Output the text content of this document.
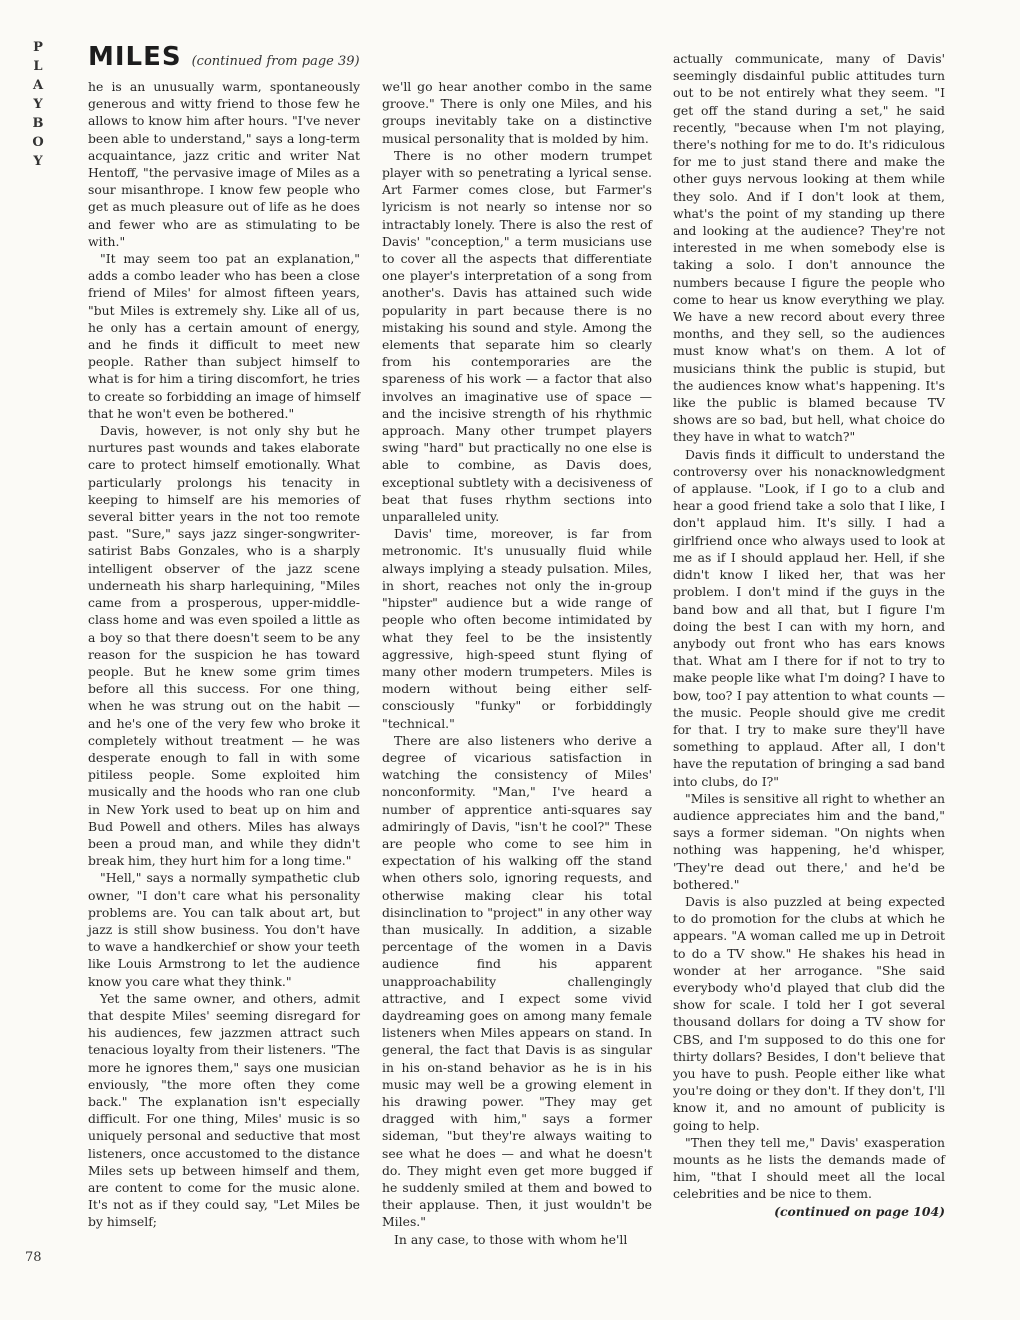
P
L
A
Y
B
O
Y
MILES (continued from page 39)

he is an unusually warm, spontaneously generous and witty friend to those few he allows to know him after hours. "I've never been able to understand," says a long-term acquaintance, jazz critic and writer Nat Hentoff, "the pervasive image of Miles as a sour misanthrope. I know few people who get as much pleasure out of life as he does and fewer who are as stimulating to be with."

"It may seem too pat an explanation," adds a combo leader who has been a close friend of Miles' for almost fifteen years, "but Miles is extremely shy. Like all of us, he only has a certain amount of energy, and he finds it difficult to meet new people. Rather than subject himself to what is for him a tiring discomfort, he tries to create so forbidding an image of himself that he won't even be bothered."

Davis, however, is not only shy but he nurtures past wounds and takes elaborate care to protect himself emotionally. What particularly prolongs his tenacity in keeping to himself are his memories of several bitter years in the not too remote past. "Sure," says jazz singer-songwriter-satirist Babs Gonzales, who is a sharply intelligent observer of the jazz scene underneath his sharp harlequining, "Miles came from a prosperous, upper-middle-class home and was even spoiled a little as a boy so that there doesn't seem to be any reason for the suspicion he has toward people. But he knew some grim times before all this success. For one thing, when he was strung out on the habit — and he's one of the very few who broke it completely without treatment — he was desperate enough to fall in with some pitiless people. Some exploited him musically and the hoods who ran one club in New York used to beat up on him and Bud Powell and others. Miles has always been a proud man, and while they didn't break him, they hurt him for a long time."

"Hell," says a normally sympathetic club owner, "I don't care what his personality problems are. You can talk about art, but jazz is still show business. You don't have to wave a handkerchief or show your teeth like Louis Armstrong to let the audience know you care what they think."

Yet the same owner, and others, admit that despite Miles' seeming disregard for his audiences, few jazzmen attract such tenacious loyalty from their listeners. "The more he ignores them," says one musician enviously, "the more often they come back." The explanation isn't especially difficult. For one thing, Miles' music is so uniquely personal and seductive that most listeners, once accustomed to the distance Miles sets up between himself and them, are content to come for the music alone. It's not as if they could say, "Let Miles be by himself;

we'll go hear another combo in the same groove." There is only one Miles, and his groups inevitably take on a distinctive musical personality that is molded by him.

There is no other modern trumpet player with so penetrating a lyrical sense. Art Farmer comes close, but Farmer's lyricism is not nearly so intense nor so intractably lonely. There is also the rest of Davis' "conception," a term musicians use to cover all the aspects that differentiate one player's interpretation of a song from another's. Davis has attained such wide popularity in part because there is no mistaking his sound and style. Among the elements that separate him so clearly from his contemporaries are the spareness of his work — a factor that also involves an imaginative use of space — and the incisive strength of his rhythmic approach. Many other trumpet players swing "hard" but practically no one else is able to combine, as Davis does, exceptional subtlety with a decisiveness of beat that fuses rhythm sections into unparalleled unity.

Davis' time, moreover, is far from metronomic. It's unusually fluid while always implying a steady pulsation. Miles, in short, reaches not only the in-group "hipster" audience but a wide range of people who often become intimidated by what they feel to be the insistently aggressive, high-speed stunt flying of many other modern trumpeters. Miles is modern without being either self-consciously "funky" or forbiddingly "technical."

There are also listeners who derive a degree of vicarious satisfaction in watching the consistency of Miles' nonconformity. "Man," I've heard a number of apprentice anti-squares say admiringly of Davis, "isn't he cool?" These are people who come to see him in expectation of his walking off the stand when others solo, ignoring requests, and otherwise making clear his total disinclination to "project" in any other way than musically. In addition, a sizable percentage of the women in a Davis audience find his apparent unapproachability challengingly attractive, and I expect some vivid daydreaming goes on among many female listeners when Miles appears on stand. In general, the fact that Davis is as singular in his on-stand behavior as he is in his music may well be a growing element in his drawing power. "They may get dragged with him," says a former sideman, "but they're always waiting to see what he does — and what he doesn't do. They might even get more bugged if he suddenly smiled at them and bowed to their applause. Then, it just wouldn't be Miles."

In any case, to those with whom he'll

actually communicate, many of Davis' seemingly disdainful public attitudes turn out to be not entirely what they seem. "I get off the stand during a set," he said recently, "because when I'm not playing, there's nothing for me to do. It's ridiculous for me to just stand there and make the other guys nervous looking at them while they solo. And if I don't look at them, what's the point of my standing up there and looking at the audience? They're not interested in me when somebody else is taking a solo. I don't announce the numbers because I figure the people who come to hear us know everything we play. We have a new record about every three months, and they sell, so the audiences must know what's on them. A lot of musicians think the public is stupid, but the audiences know what's happening. It's like the public is blamed because TV shows are so bad, but hell, what choice do they have in what to watch?"

Davis finds it difficult to understand the controversy over his nonacknowledgment of applause. "Look, if I go to a club and hear a good friend take a solo that I like, I don't applaud him. It's silly. I had a girlfriend once who always used to look at me as if I should applaud her. Hell, if she didn't know I liked her, that was her problem. I don't mind if the guys in the band bow and all that, but I figure I'm doing the best I can with my horn, and anybody out front who has ears knows that. What am I there for if not to try to make people like what I'm doing? I have to bow, too? I pay attention to what counts — the music. People should give me credit for that. I try to make sure they'll have something to applaud. After all, I don't have the reputation of bringing a sad band into clubs, do I?"

"Miles is sensitive all right to whether an audience appreciates him and the band," says a former sideman. "On nights when nothing was happening, he'd whisper, 'They're dead out there,' and he'd be bothered."

Davis is also puzzled at being expected to do promotion for the clubs at which he appears. "A woman called me up in Detroit to do a TV show." He shakes his head in wonder at her arrogance. "She said everybody who'd played that club did the show for scale. I told her I got several thousand dollars for doing a TV show for CBS, and I'm supposed to do this one for thirty dollars? Besides, I don't believe that you have to push. People either like what you're doing or they don't. If they don't, I'll know it, and no amount of publicity is going to help.

"Then they tell me," Davis' exasperation mounts as he lists the demands made of him, "that I should meet all the local celebrities and be nice to them.

(continued on page 104)

78
